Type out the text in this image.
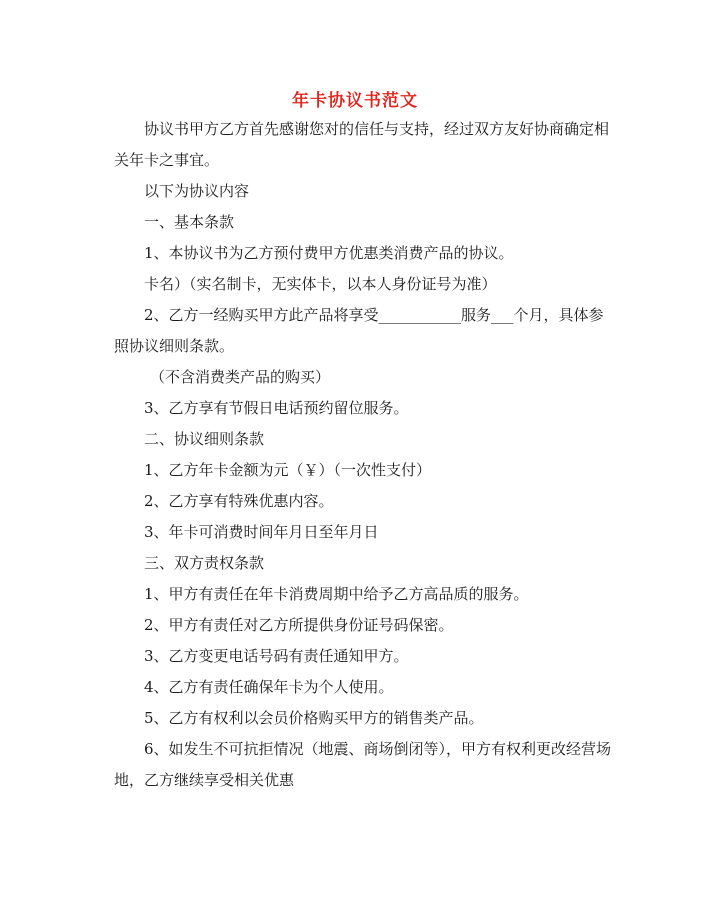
年卡协议书范文

协议书甲方乙方首先感谢您对的信任与支持，经过双方友好协商确定相关年卡之事宜。

以下为协议内容

一、基本条款

1、本协议书为乙方预付费甲方优惠类消费产品的协议。

卡名）（实名制卡，无实体卡，以本人身份证号为准）

2、乙方一经购买甲方此产品将享受___________服务___个月，具体参照协议细则条款。

（不含消费类产品的购买）

3、乙方享有节假日电话预约留位服务。

二、协议细则条款

1、乙方年卡金额为元（￥）（一次性支付）

2、乙方享有特殊优惠内容。

3、年卡可消费时间年月日至年月日

三、双方责权条款

1、甲方有责任在年卡消费周期中给予乙方高品质的服务。

2、甲方有责任对乙方所提供身份证号码保密。

3、乙方变更电话号码有责任通知甲方。

4、乙方有责任确保年卡为个人使用。

5、乙方有权利以会员价格购买甲方的销售类产品。

6、如发生不可抗拒情况（地震、商场倒闭等），甲方有权利更改经营场地，乙方继续享受相关优惠
